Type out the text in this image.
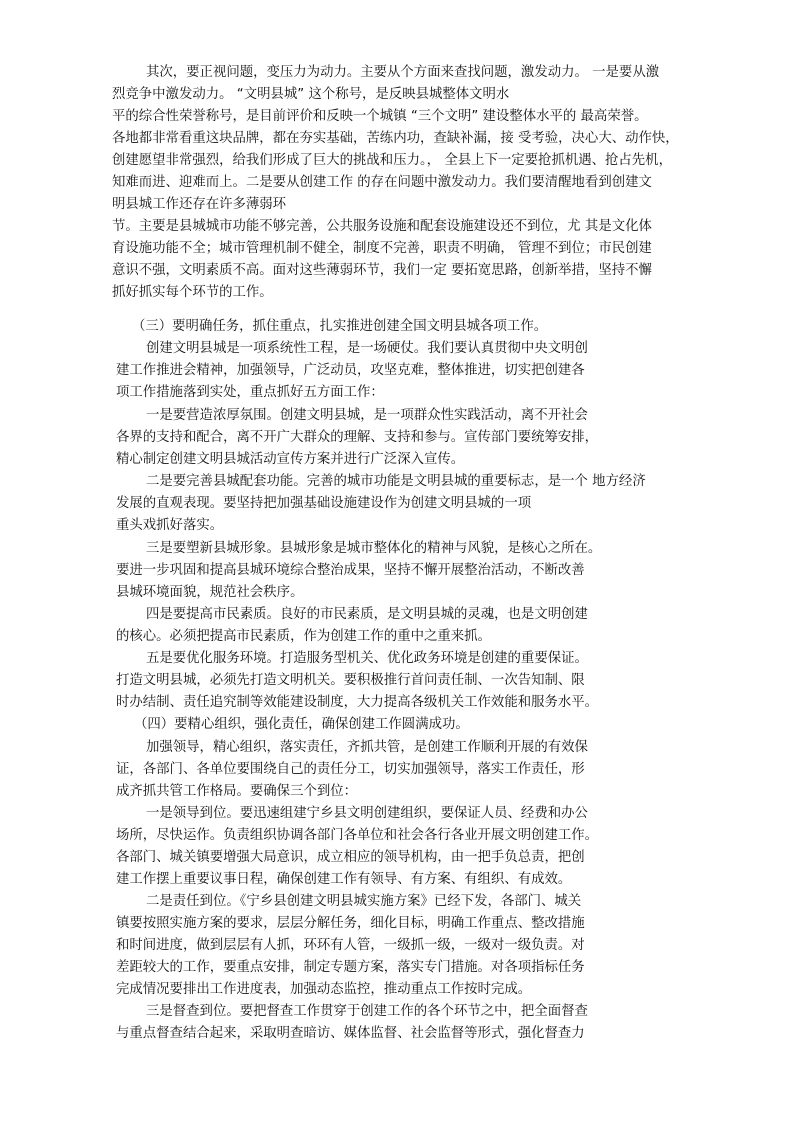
其次，要正视问题，变压力为动力。主要从个方面来查找问题，激发动力。 一是要从激
烈竞争中激发动力。 “文明县城” 这个称号，是反映县城整体文明水
平的综合性荣誉称号，是目前评价和反映一个城镇 “三个文明” 建设整体水平的 最高荣誉。
各地都非常看重这块品牌，都在夯实基础，苦练内功，查缺补漏，接 受考验，决心大、动作快，
创建愿望非常强烈，给我们形成了巨大的挑战和压力。， 全县上下一定要抢抓机遇、抢占先机，
知难而进、迎难而上。二是要从创建工作 的存在问题中激发动力。我们要清醒地看到创建文
明县城工作还存在许多薄弱环
节。主要是县城城市功能不够完善，公共服务设施和配套设施建设还不到位，尤 其是文化体
育设施功能不全；城市管理机制不健全，制度不完善，职责不明确， 管理不到位；市民创建
意识不强，文明素质不高。面对这些薄弱环节，我们一定 要拓宽思路，创新举措，坚持不懈
抓好抓实每个环节的工作。
（三）要明确任务，抓住重点，扎实推进创建全国文明县城各项工作。
创建文明县城是一项系统性工程，是一场硬仗。我们要认真贯彻中央文明创
建工作推进会精神，加强领导，广泛动员，攻坚克难，整体推进，切实把创建各
项工作措施落到实处，重点抓好五方面工作：
一是要营造浓厚氛围。创建文明县城，是一项群众性实践活动，离不开社会
各界的支持和配合，离不开广大群众的理解、支持和参与。宣传部门要统筹安排，
精心制定创建文明县城活动宣传方案并进行广泛深入宣传。
二是要完善县城配套功能。完善的城市功能是文明县城的重要标志，是一个 地方经济
发展的直观表现。要坚持把加强基础设施建设作为创建文明县城的一项
重头戏抓好落实。
三是要塑新县城形象。县城形象是城市整体化的精神与风貌，是核心之所在。
要进一步巩固和提高县城环境综合整治成果，坚持不懈开展整治活动，不断改善
县城环境面貌，规范社会秩序。
四是要提高市民素质。良好的市民素质，是文明县城的灵魂，也是文明创建
的核心。必须把提高市民素质，作为创建工作的重中之重来抓。
五是要优化服务环境。打造服务型机关、优化政务环境是创建的重要保证。
打造文明县城，必须先打造文明机关。要积极推行首问责任制、一次告知制、限
时办结制、责任追究制等效能建设制度，大力提高各级机关工作效能和服务水平。
（四）要精心组织，强化责任，确保创建工作圆满成功。
加强领导，精心组织，落实责任，齐抓共管，是创建工作顺利开展的有效保
证，各部门、各单位要围绕自己的责任分工，切实加强领导，落实工作责任，形
成齐抓共管工作格局。要确保三个到位：
一是领导到位。要迅速组建宁乡县文明创建组织，要保证人员、经费和办公
场所，尽快运作。负责组织协调各部门各单位和社会各行各业开展文明创建工作。
各部门、城关镇要增强大局意识，成立相应的领导机构，由一把手负总责，把创
建工作摆上重要议事日程，确保创建工作有领导、有方案、有组织、有成效。
二是责任到位。《宁乡县创建文明县城实施方案》已经下发，各部门、城关
镇要按照实施方案的要求，层层分解任务，细化目标，明确工作重点、整改措施
和时间进度，做到层层有人抓，环环有人管，一级抓一级，一级对一级负责。对
差距较大的工作，要重点安排，制定专题方案，落实专门措施。对各项指标任务
完成情况要排出工作进度表，加强动态监控，推动重点工作按时完成。
三是督查到位。要把督查工作贯穿于创建工作的各个环节之中，把全面督查
与重点督查结合起来，采取明查暗访、媒体监督、社会监督等形式，强化督查力
